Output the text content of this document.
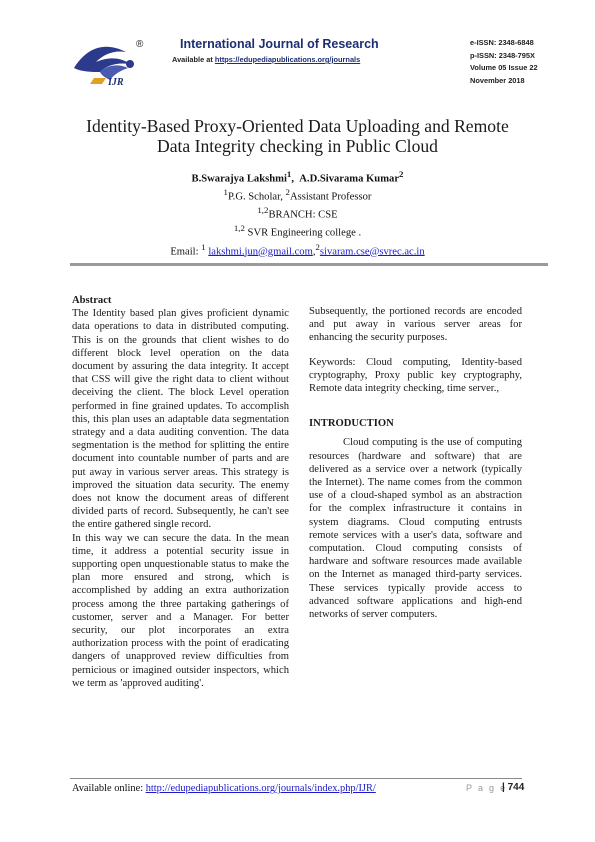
IJR
®	International Journal of Research
Available at https://edupediapublications.org/journals
e-ISSN: 2348-6848
p-ISSN: 2348-795X
Volume 05 Issue 22
November 2018
Identity-Based Proxy-Oriented Data Uploading and Remote
Data Integrity checking in Public Cloud
B.Swarajya Lakshmi$^1$,  A.D.Sivarama Kumar$^2$
$^1$P.G. Scholar, $^2$Assistant Professor
$^{1,2}$BRANCH: CSE
$^{1,2}$ SVR Engineering college .
Email: $^1$ lakshmi.jun@gmail.com,$^2$sivaram.cse@svrec.ac.in

Abstract

The Identity based plan gives proficient dynamic data operations to data in distributed computing. This is on the grounds that client wishes to do different block level operation on the data document by assuring the data integrity. It accept that CSS will give the right data to client without deceiving the client. The block Level operation performed in fine grained updates. To accomplish this, this plan uses an adaptable data segmentation strategy and a data auditing convention. The data segmentation is the method for splitting the entire document into countable number of parts and are put away in various server areas. This strategy is improved the situation data security. The enemy does not know the document areas of different divided parts of record. Subsequently, he can't see the entire gathered single record.

In this way we can secure the data. In the mean time, it address a potential security issue in supporting open unquestionable status to make the plan more ensured and strong, which is accomplished by adding an extra authorization process among the three partaking gatherings of customer, server and a Manager. For better security, our plot incorporates an extra authorization process with the point of eradicating dangers of unapproved review difficulties from pernicious or imagined outsider inspectors, which we term as 'approved auditing'.

Subsequently, the portioned records are encoded and put away in various server areas for enhancing the security purposes.

Keywords: Cloud computing, Identity-based cryptography, Proxy public key cryptography, Remote data integrity checking, time server.,

INTRODUCTION

Cloud computing is the use of computing resources (hardware and software) that are delivered as a service over a network (typically the Internet). The name comes from the common use of a cloud-shaped symbol as an abstraction for the complex infrastructure it contains in system diagrams. Cloud computing entrusts remote services with a user's data, software and computation. Cloud computing consists of hardware and software resources made available on the Internet as managed third-party services. These services typically provide access to advanced software applications and high-end networks of server computers.

Available online: http://edupediapublications.org/journals/index.php/IJR/	P a g e
| 744
